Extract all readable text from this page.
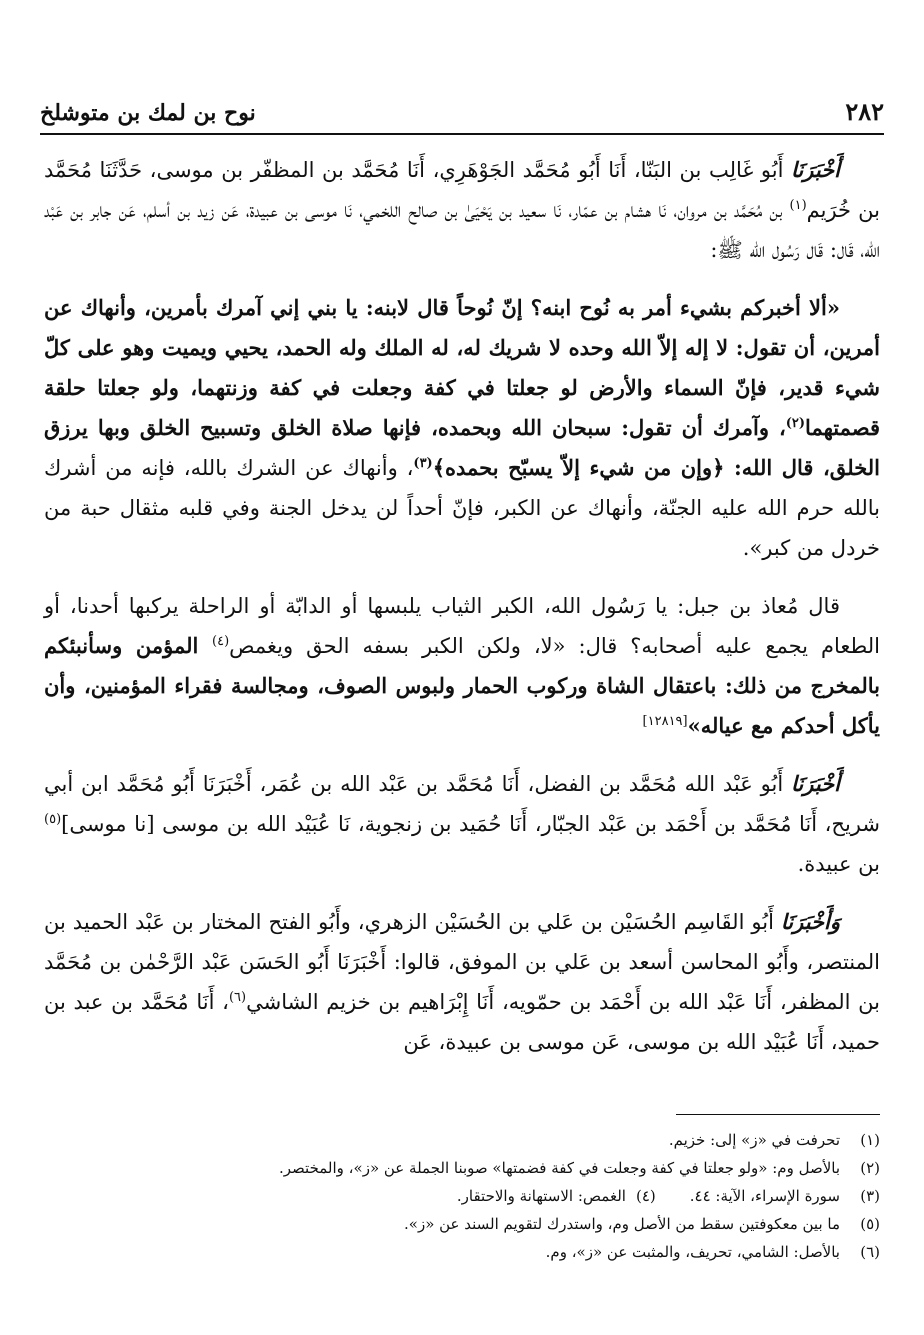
٢٨٢
نوح بن لمك بن متوشلخ

أَخْبَرَنَا أَبُو غَالِب بن البَنّا، أَنَا أَبُو مُحَمَّد الجَوْهَرِي، أَنَا مُحَمَّد بن المظفّر بن موسى، حَدَّثَنَا مُحَمَّد بن خُرَيم$^{(١)}$ بن مُحَمَّد بن مروان، نَا هشام بن عمّار، نَا سعيد بن يَحْيَىٰ بن صالح اللخمي، نَا موسى بن عبيدة، عَن زيد بن أسلم، عَن جابر بن عَبْد الله، قَال: قَال رَسُول الله ﷺ:

«ألا أخبركم بشيء أمر به نُوح ابنه؟ إنّ نُوحاً قال لابنه: يا بني إني آمرك بأمرين، وأنهاك عن أمرين، أن تقول: لا إله إلاّ الله وحده لا شريك له، له الملك وله الحمد، يحيي ويميت وهو على كلّ شيء قدير، فإنّ السماء والأرض لو جعلتا في كفة وجعلت في كفة وزنتهما، ولو جعلتا حلقة قصمتهما$^{(٢)}$، وآمرك أن تقول: سبحان الله وبحمده، فإنها صلاة الخلق وتسبيح الخلق وبها يرزق الخلق، قال الله: ﴿وإن من شيء إلاّ يسبّح بحمده﴾$^{(٣)}$، وأنهاك عن الشرك بالله، فإنه من أشرك بالله حرم الله عليه الجنّة، وأنهاك عن الكبر، فإنّ أحداً لن يدخل الجنة وفي قلبه مثقال حبة من خردل من كبر».

قال مُعاذ بن جبل: يا رَسُول الله، الكبر الثياب يلبسها أو الدابّة أو الراحلة يركبها أحدنا، أو الطعام يجمع عليه أصحابه؟ قال: «لا، ولكن الكبر بسفه الحق ويغمص$^{(٤)}$ المؤمن وسأنبئكم بالمخرج من ذلك: باعتقال الشاة وركوب الحمار ولبوس الصوف، ومجالسة فقراء المؤمنين، وأن يأكل أحدكم مع عياله»[١٢٨١٩]

أَخْبَرَنَا أَبُو عَبْد الله مُحَمَّد بن الفضل، أَنَا مُحَمَّد بن عَبْد الله بن عُمَر، أَخْبَرَنَا أَبُو مُحَمَّد ابن أبي شريح، أَنَا مُحَمَّد بن أَحْمَد بن عَبْد الجبّار، أَنَا حُمَيد بن زنجوية، نَا عُبَيْد الله بن موسى [نا موسى]$^{(٥)}$ بن عبيدة.

وَأَخْبَرَنَا أَبُو القَاسِم الحُسَيْن بن عَلي بن الحُسَيْن الزهري، وأَبُو الفتح المختار بن عَبْد الحميد بن المنتصر، وأَبُو المحاسن أسعد بن عَلي بن الموفق، قالوا: أَخْبَرَنَا أَبُو الحَسَن عَبْد الرَّحْمٰن بن مُحَمَّد بن المظفر، أَنَا عَبْد الله بن أَحْمَد بن حمّويه، أَنَا إِبْرَاهيم بن خزيم الشاشي$^{(٦)}$، أَنَا مُحَمَّد بن عبد بن حميد، أَنَا عُبَيْد الله بن موسى، عَن موسى بن عبيدة، عَن

(١)
تحرفت في «ز» إلى: خزيم.
(٢)
بالأصل وم: «ولو جعلتا في كفة وجعلت في كفة فضمتها» صوبنا الجملة عن «ز»، والمختصر.
(٣)
سورة الإسراء، الآية: ٤٤.
(٤)
الغمص: الاستهانة والاحتقار.
(٥)
ما بين معكوفتين سقط من الأصل وم، واستدرك لتقويم السند عن «ز».
(٦)
بالأصل: الشامي، تحريف، والمثبت عن «ز»، وم.
